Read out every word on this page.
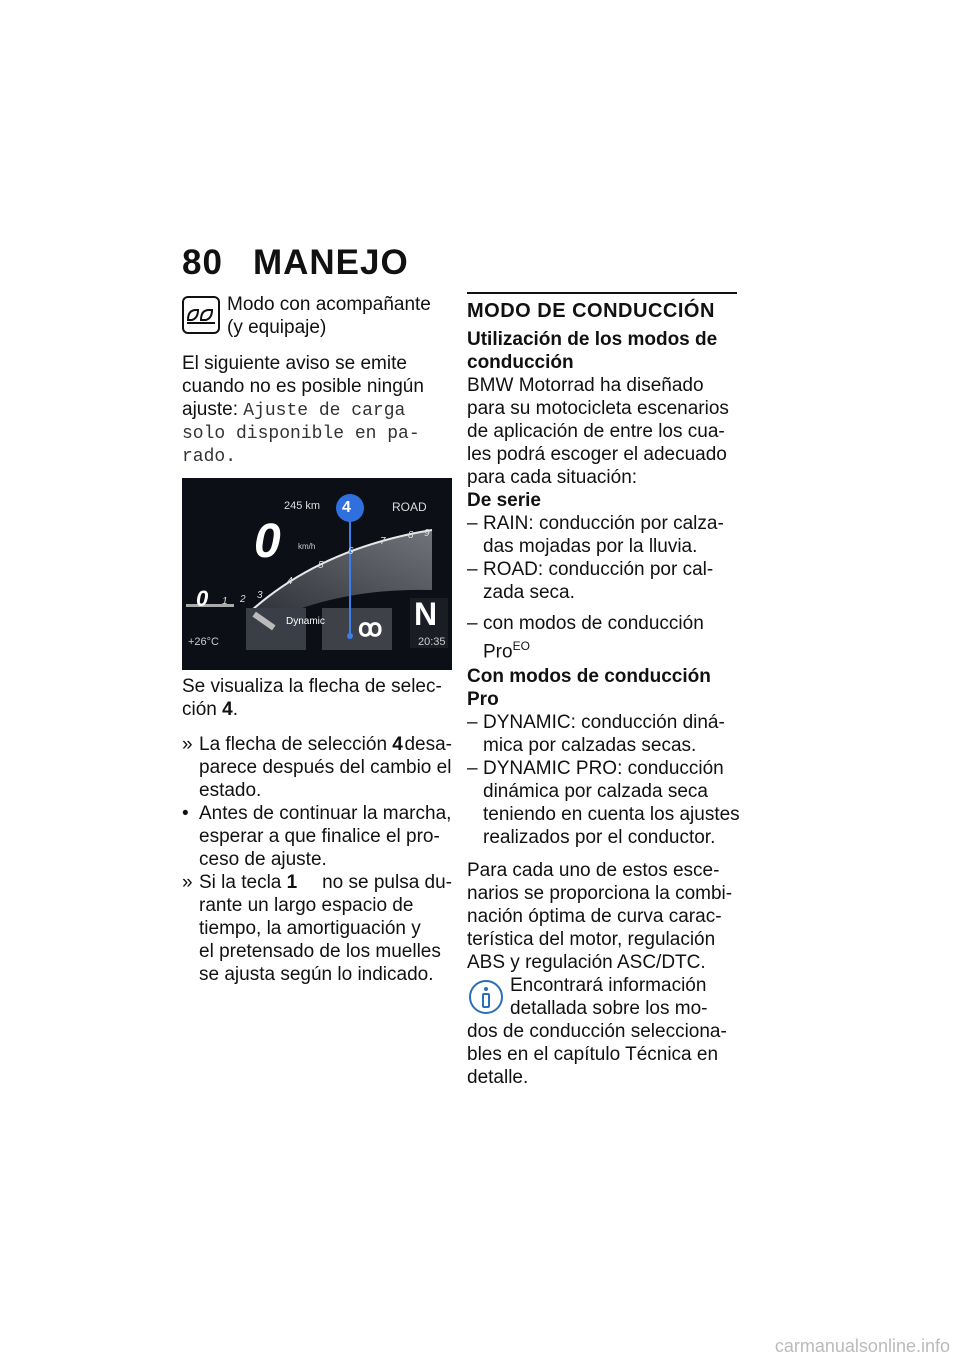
80 MANEJO
Modo con acompañante
(y equipaje)
El siguiente aviso se emite
cuando no es posible ningún
ajuste: Ajuste de carga
solo disponible en pa-
rado.
245 km	ROAD
0 km/h
0 1 2 3
4
5
6
7
8 9
4
Dynamic ꝏ N
+26°C	20:35
Se visualiza la flecha de selec-
ción 4.
» La flecha de selección 4 desa-
parece después del cambio el
estado.
• Antes de continuar la marcha,
esperar a que finalice el pro-
ceso de ajuste.
» Si la tecla 1 no se pulsa du-
rante un largo espacio de
tiempo, la amortiguación y
el pretensado de los muelles
se ajusta según lo indicado.
MODO DE CONDUCCIÓN
Utilización de los modos de
conducción
BMW Motorrad ha diseñado
para su motocicleta escenarios
de aplicación de entre los cua-
les podrá escoger el adecuado
para cada situación:
De serie
– RAIN: conducción por calza-
das mojadas por la lluvia.
– ROAD: conducción por cal-
zada seca.
– con modos de conducción
Pro$^{EO}$
Con modos de conducción
Pro
– DYNAMIC: conducción diná-
mica por calzadas secas.
– DYNAMIC PRO: conducción
dinámica por calzada seca
teniendo en cuenta los ajustes
realizados por el conductor.
Para cada uno de estos esce-
narios se proporciona la combi-
nación óptima de curva carac-
terística del motor, regulación
ABS y regulación ASC/DTC.
Encontrará información
detallada sobre los mo-
dos de conducción selecciona-
bles en el capítulo Técnica en
detalle.
carmanualsonline.info
